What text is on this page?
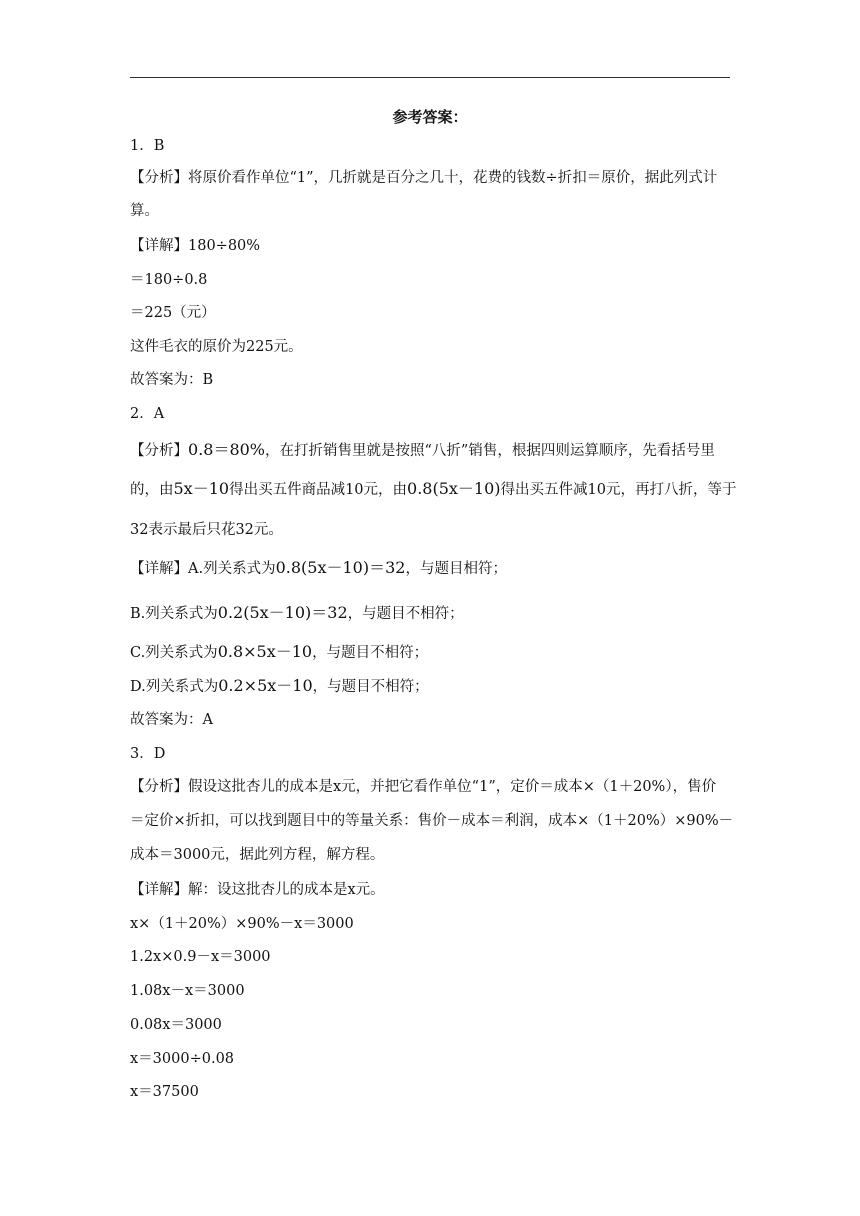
参考答案：
1．B
【分析】将原价看作单位“1”，几折就是百分之几十，花费的钱数÷折扣＝原价，据此列式计
算。
【详解】180÷80%
＝180÷0.8
＝225（元）
这件毛衣的原价为225元。
故答案为：B
2．A
【分析】0.8＝80%，在打折销售里就是按照“八折”销售，根据四则运算顺序，先看括号里
的，由5x－10得出买五件商品减10元，由0.8(5x－10)得出买五件减10元，再打八折，等于
32表示最后只花32元。
【详解】A.列关系式为0.8(5x－10)＝32，与题目相符；
B.列关系式为0.2(5x－10)＝32，与题目不相符；
C.列关系式为0.8×5x－10，与题目不相符；
D.列关系式为0.2×5x－10，与题目不相符；
故答案为：A
3．D
【分析】假设这批杏儿的成本是x元，并把它看作单位“1”，定价＝成本×（1＋20%），售价
＝定价×折扣，可以找到题目中的等量关系：售价－成本＝利润，成本×（1＋20%）×90%－
成本＝3000元，据此列方程，解方程。
【详解】解：设这批杏儿的成本是x元。
x×（1＋20%）×90%－x＝3000
1.2x×0.9－x＝3000
1.08x－x＝3000
0.08x＝3000
x＝3000÷0.08
x＝37500
